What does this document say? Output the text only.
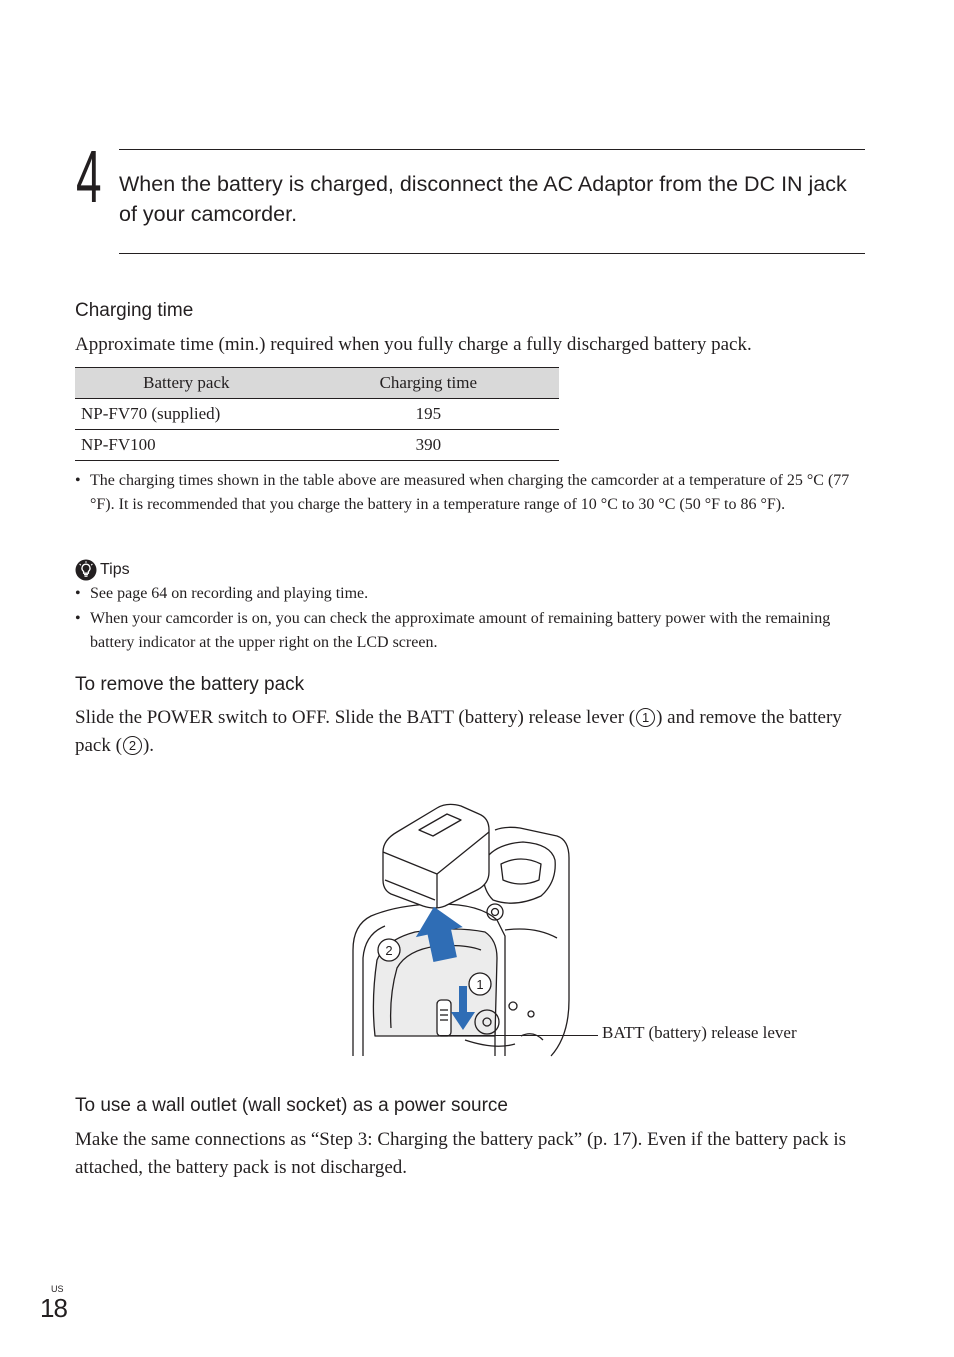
4 When the battery is charged, disconnect the AC Adaptor from the DC IN jack of your camcorder.
Charging time
Approximate time (min.) required when you fully charge a fully discharged battery pack.
Battery pack	Charging time
NP-FV70 (supplied)	195
NP-FV100	390
• The charging times shown in the table above are measured when charging the camcorder at a temperature of 25 °C (77 °F). It is recommended that you charge the battery in a temperature range of 10 °C to 30 °C (50 °F to 86 °F).
Tips
• See page 64 on recording and playing time.
• When your camcorder is on, you can check the approximate amount of remaining battery power with the remaining battery indicator at the upper right on the LCD screen.
To remove the battery pack
Slide the POWER switch to OFF. Slide the BATT (battery) release lever ( 1 ) and remove the battery pack ( 2 ).
2
1
BATT (battery) release lever
To use a wall outlet (wall socket) as a power source
Make the same connections as “Step 3: Charging the battery pack” (p. 17). Even if the battery pack is attached, the battery pack is not discharged.
US
18
